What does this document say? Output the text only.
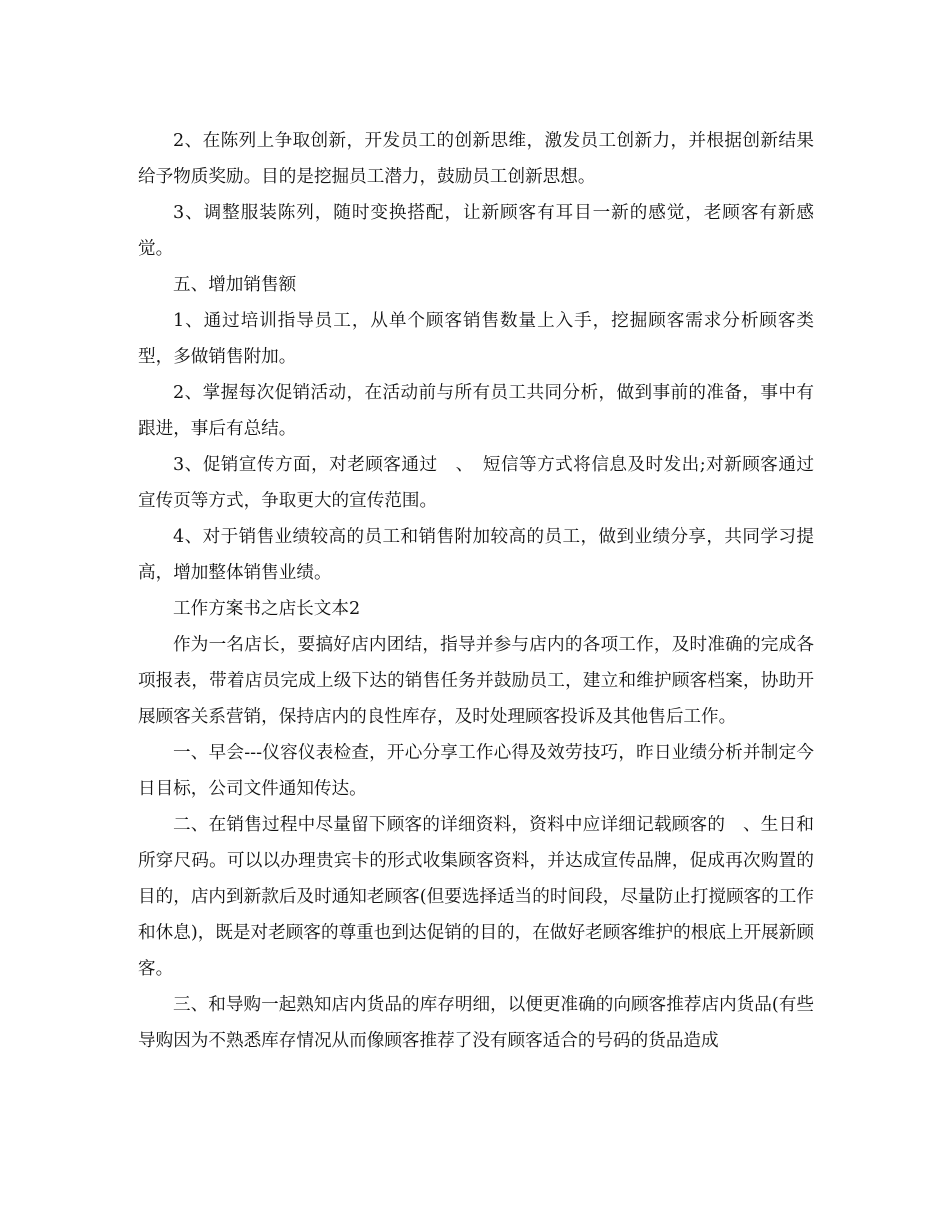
2、在陈列上争取创新，开发员工的创新思维，激发员工创新力，并根据创新结果给予物质奖励。目的是挖掘员工潜力，鼓励员工创新思想。

3、调整服装陈列，随时变换搭配，让新顾客有耳目一新的感觉，老顾客有新感觉。

五、增加销售额

1、通过培训指导员工，从单个顾客销售数量上入手，挖掘顾客需求分析顾客类型，多做销售附加。

2、掌握每次促销活动，在活动前与所有员工共同分析，做到事前的准备，事中有跟进，事后有总结。

3、促销宣传方面，对老顾客通过　、　短信等方式将信息及时发出;对新顾客通过宣传页等方式，争取更大的宣传范围。

4、对于销售业绩较高的员工和销售附加较高的员工，做到业绩分享，共同学习提高，增加整体销售业绩。

工作方案书之店长文本2

作为一名店长，要搞好店内团结，指导并参与店内的各项工作，及时准确的完成各项报表，带着店员完成上级下达的销售任务并鼓励员工，建立和维护顾客档案，协助开展顾客关系营销，保持店内的良性库存，及时处理顾客投诉及其他售后工作。

一、早会---仪容仪表检查，开心分享工作心得及效劳技巧，昨日业绩分析并制定今日目标，公司文件通知传达。

二、在销售过程中尽量留下顾客的详细资料，资料中应详细记载顾客的　、生日和所穿尺码。可以以办理贵宾卡的形式收集顾客资料，并达成宣传品牌，促成再次购置的目的，店内到新款后及时通知老顾客(但要选择适当的时间段，尽量防止打搅顾客的工作和休息)，既是对老顾客的尊重也到达促销的目的，在做好老顾客维护的根底上开展新顾客。

三、和导购一起熟知店内货品的库存明细，以便更准确的向顾客推荐店内货品(有些导购因为不熟悉库存情况从而像顾客推荐了没有顾客适合的号码的货品造成
